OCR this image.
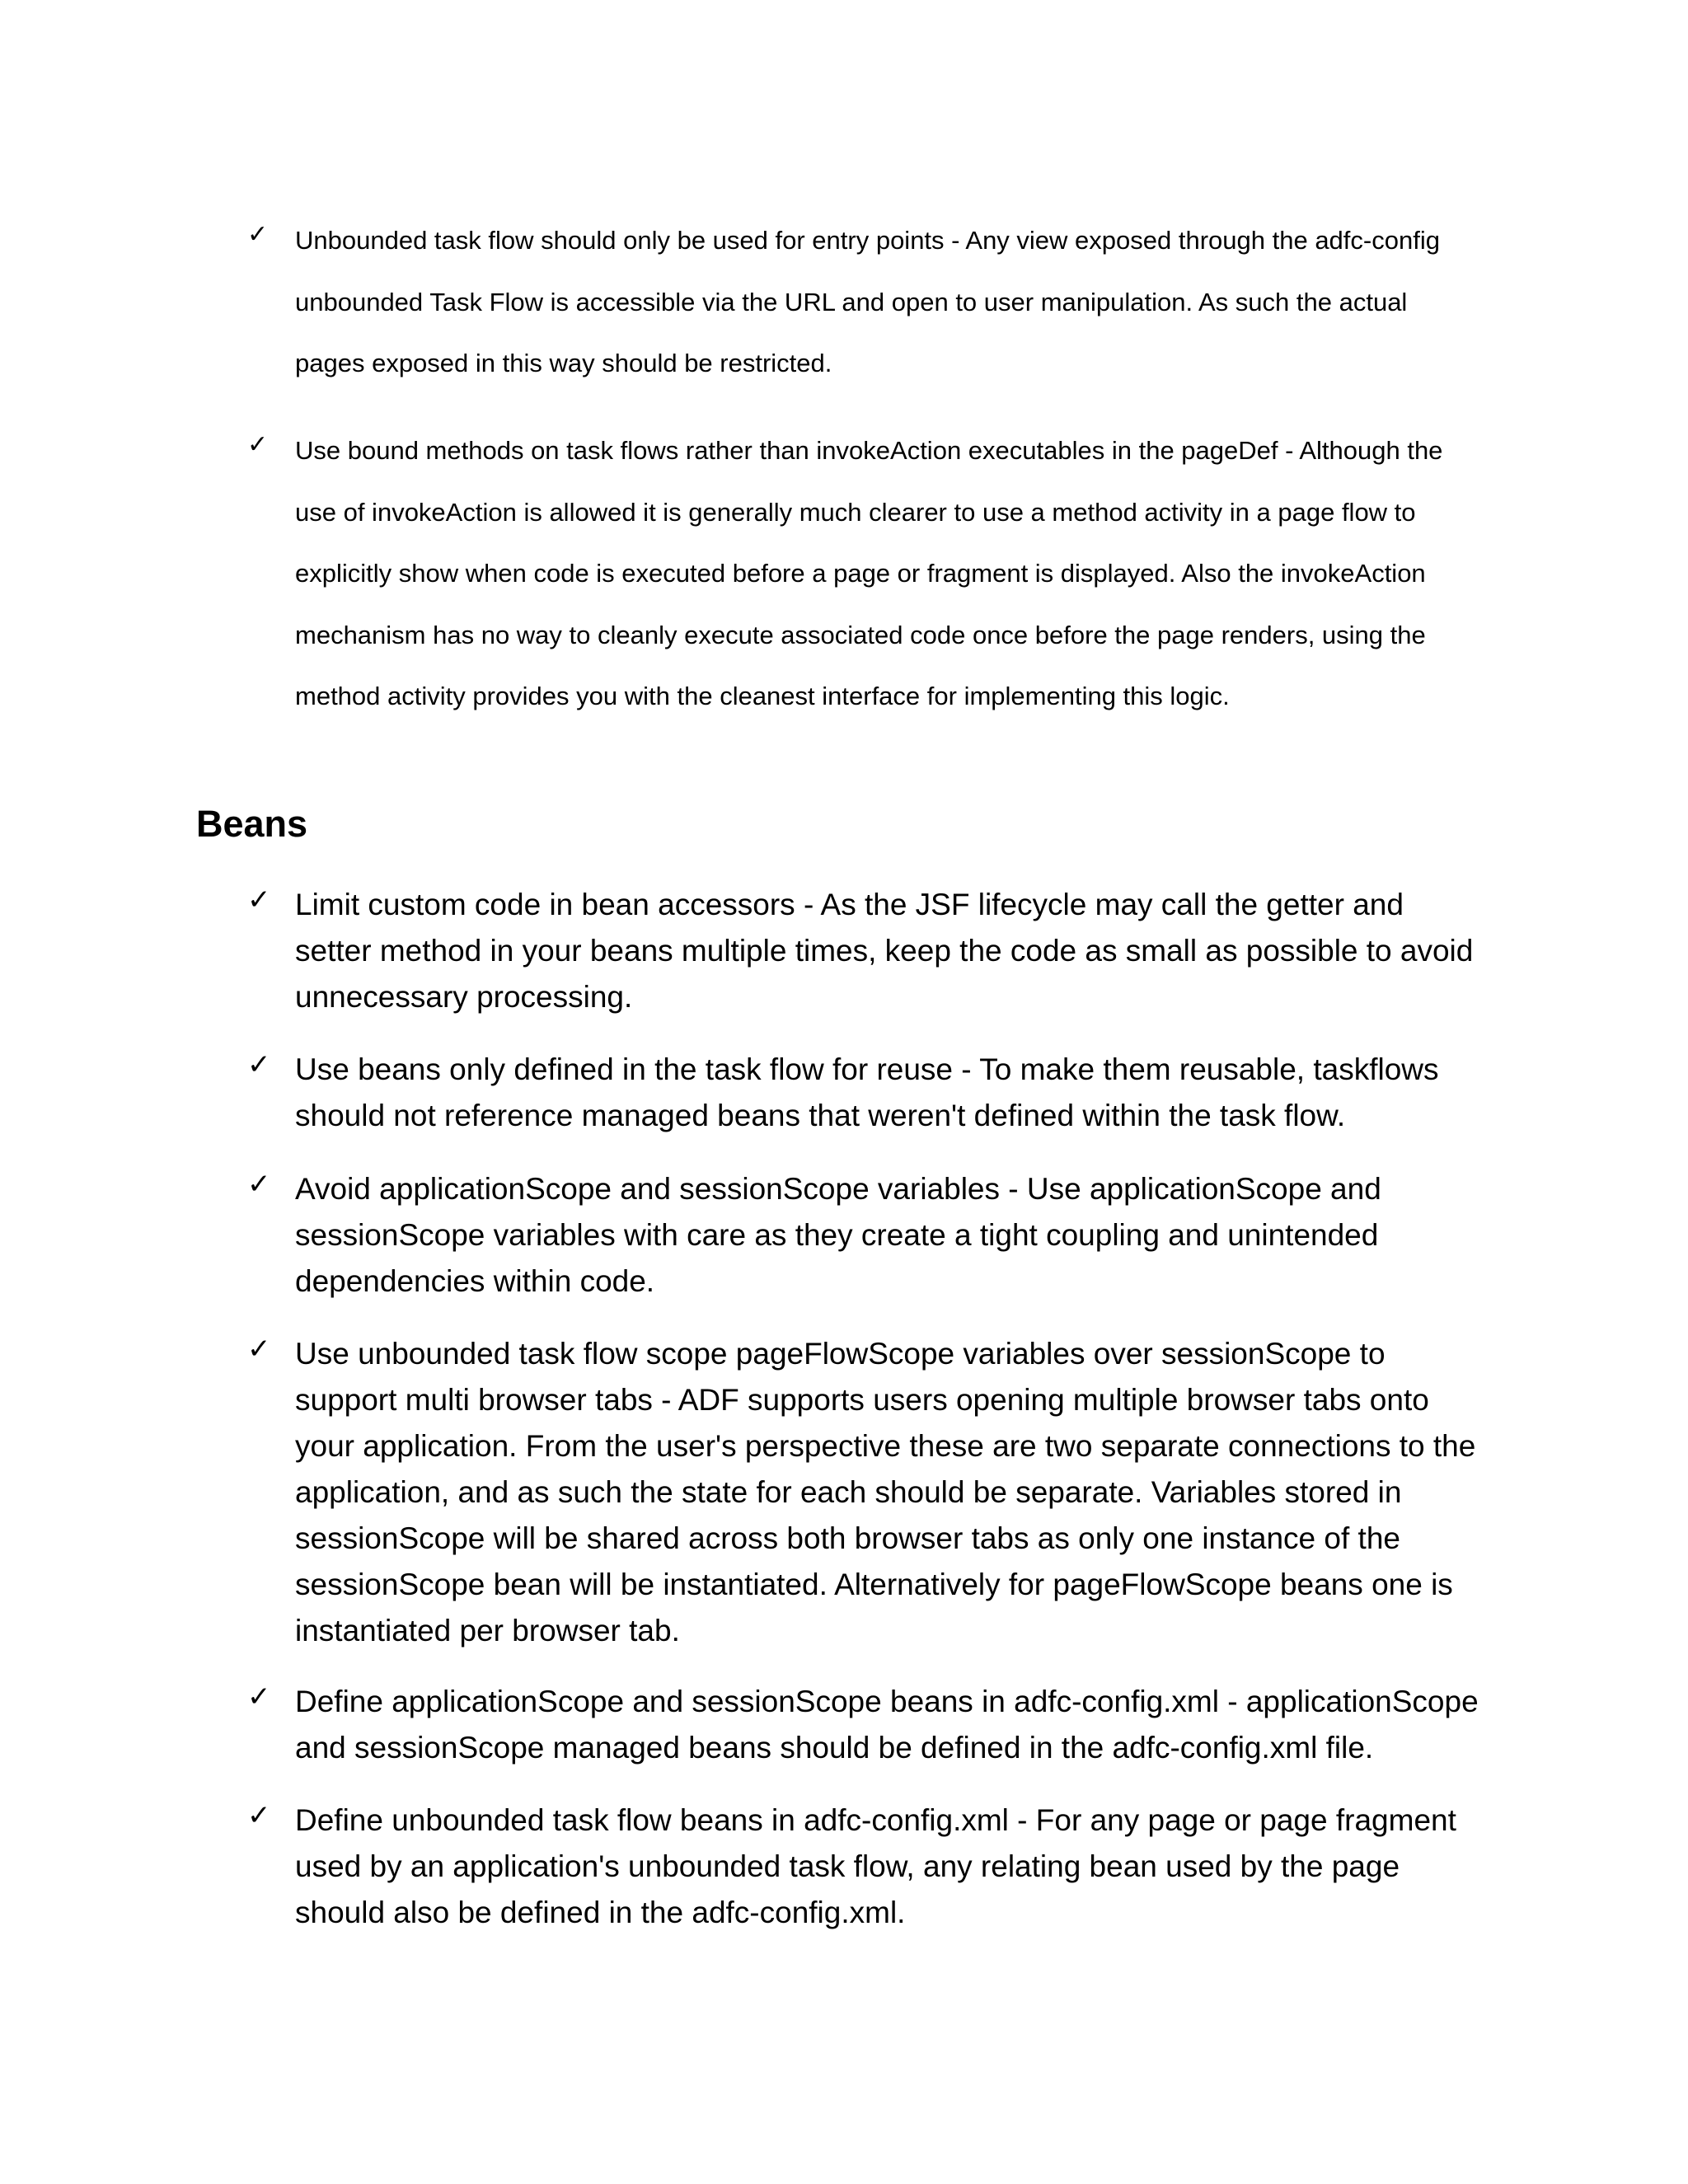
✓	Unbounded task flow should only be used for entry points - Any view exposed through the adfc-config unbounded Task Flow is accessible via the URL and open to user manipulation. As such the actual pages exposed in this way should be restricted.
✓	Use bound methods on task flows rather than invokeAction executables in the pageDef - Although the use of invokeAction is allowed it is generally much clearer to use a method activity in a page flow to explicitly show when code is executed before a page or fragment is displayed. Also the invokeAction mechanism has no way to cleanly execute associated code once before the page renders, using the method activity provides you with the cleanest interface for implementing this logic.
Beans
✓ Limit custom code in bean accessors - As the JSF lifecycle may call the getter and setter method in your beans multiple times, keep the code as small as possible to avoid unnecessary processing.
✓ Use beans only defined in the task flow for reuse - To make them reusable, taskflows should not reference managed beans that weren't defined within the task flow.
✓ Avoid applicationScope and sessionScope variables - Use applicationScope and sessionScope variables with care as they create a tight coupling and unintended dependencies within code.
✓ Use unbounded task flow scope pageFlowScope variables over sessionScope to support multi browser tabs - ADF supports users opening multiple browser tabs onto your application. From the user's perspective these are two separate connections to the application, and as such the state for each should be separate. Variables stored in sessionScope will be shared across both browser tabs as only one instance of the sessionScope bean will be instantiated. Alternatively for pageFlowScope beans one is instantiated per browser tab.
✓ Define applicationScope and sessionScope beans in adfc-config.xml - applicationScope and sessionScope managed beans should be defined in the adfc-config.xml file.
✓ Define unbounded task flow beans in adfc-config.xml - For any page or page fragment used by an application's unbounded task flow, any relating bean used by the page should also be defined in the adfc-config.xml.
